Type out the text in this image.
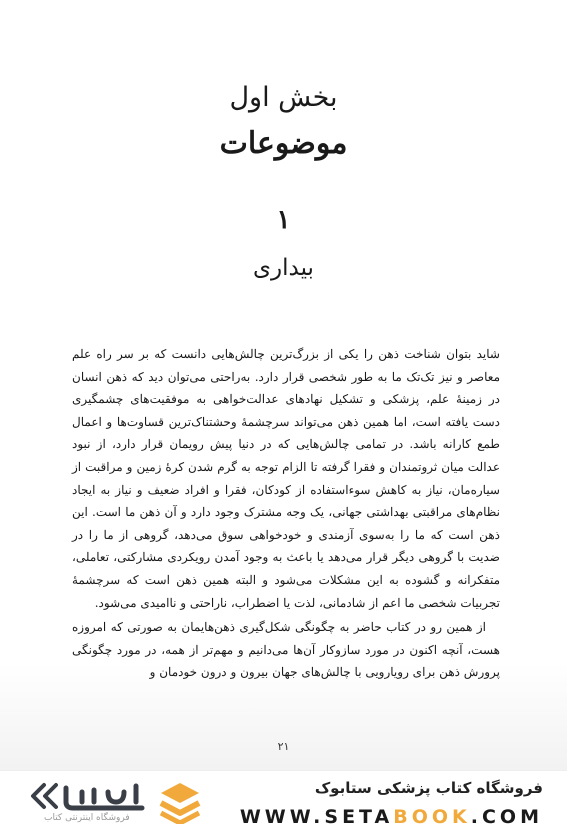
بخش اول
موضوعات
۱
بیداری

شاید بتوان شناخت ذهن را یکی از بزرگ‌ترین چالش‌هایی دانست که بر سر راه علم معاصر و نیز تک‌تک ما به طور شخصی قرار دارد. به‌راحتی می‌توان دید که ذهن انسان در زمینهٔ علم، پزشکی و تشکیل نهادهای عدالت‌خواهی به موفقیت‌های چشمگیری دست یافته است، اما همین ذهن می‌تواند سرچشمهٔ وحشتناک‌ترین قساوت‌ها و اعمال طمع کارانه باشد. در تمامی چالش‌هایی که در دنیا پیش رویمان قرار دارد، از نبود عدالت میان ثروتمندان و فقرا گرفته تا الزام توجه به گرم شدن کرهٔ زمین و مراقبت از سیاره‌مان، نیاز به کاهش سوءاستفاده از کودکان، فقرا و افراد ضعیف و نیاز به ایجاد نظام‌های مراقبتی بهداشتی جهانی، یک وجه مشترک وجود دارد و آن ذهن ما است. این ذهن است که ما را به‌سوی آزمندی و خودخواهی سوق می‌دهد، گروهی از ما را در ضدیت با گروهی دیگر قرار می‌دهد یا باعث به وجود آمدن رویکردی مشارکتی، تعاملی، متفکرانه و گشوده به این مشکلات می‌شود و البته همین ذهن است که سرچشمهٔ تجربیات شخصی ما اعم از شادمانی، لذت یا اضطراب، ناراحتی و ناامیدی می‌شود.

از همین رو در کتاب حاضر به چگونگی شکل‌گیری ذهن‌هایمان به صورتی که امروزه هست، آنچه اکنون در مورد سازوکار آن‌ها می‌دانیم و مهم‌تر از همه، در مورد چگونگی پرورش ذهن برای رویارویی با چالش‌های جهان بیرون و درون خودمان و

۲۱
فروشگاه اینترنتی کتاب
فروشگاه کتاب پزشکی ستابوک
WWW.SETABOOK.COM
